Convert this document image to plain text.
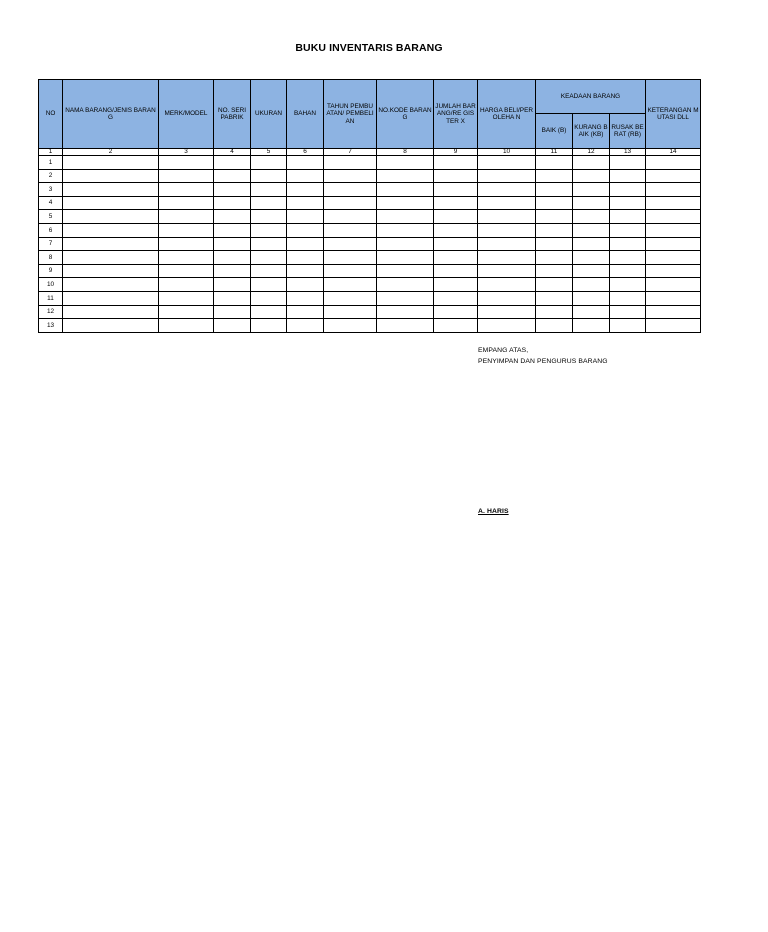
BUKU INVENTARIS BARANG
NO	NAMA BARANG/JENIS BARANG	MERK/MODEL	NO. SERI PABRIK	UKURAN	BAHAN	TAHUN PEMBUATAN/ PEMBELIAN	NO.KODE BARANG	JUMLAH BARANG/RE GISTER X	HARGA BELI/PEROLEHA N	KEADAAN BARANG			KETERANGAN MUTASI DLL
										BAIK (B)	KURANG BAIK (KB)	RUSAK BERAT (RB)	
1	2	3	4	5	6	7	8	9	10	11	12	13	14
1													
2													
3													
4													
5													
6													
7													
8													
9													
10													
11													
12													
13													
EMPANG ATAS,
PENYIMPAN DAN PENGURUS BARANG
A. HARIS
